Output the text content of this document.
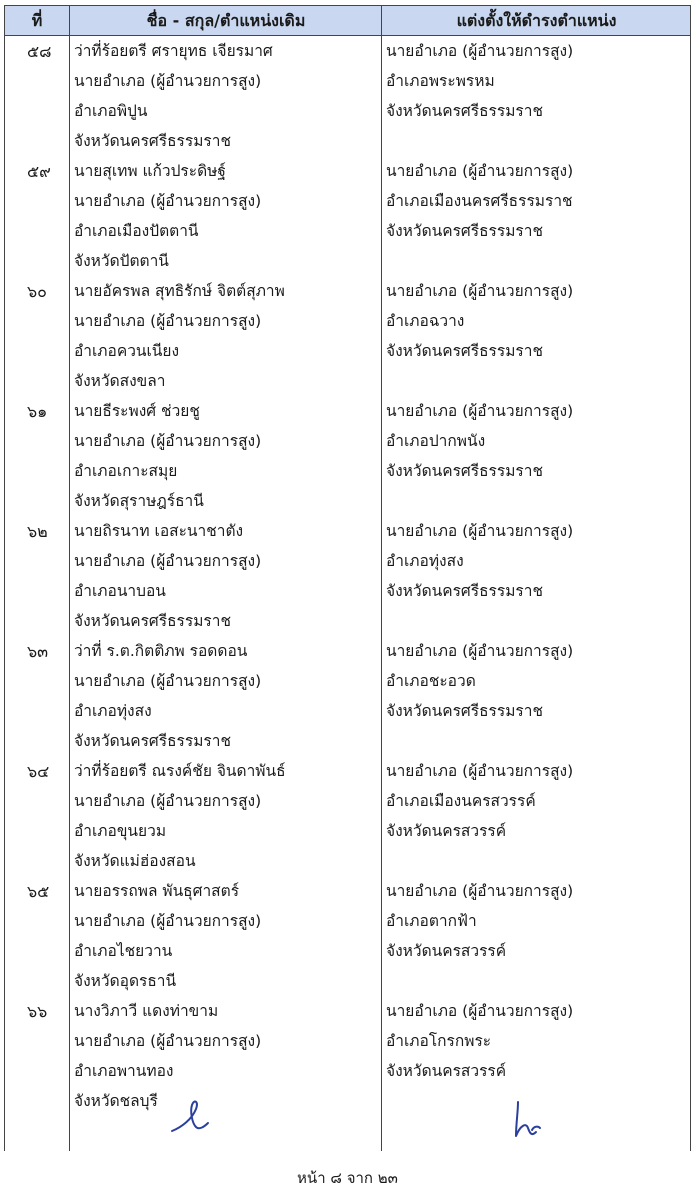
ที่	ชื่อ - สกุล/ตำแหน่งเดิม	แต่งตั้งให้ดำรงตำแหน่ง
๕๘ ว่าที่ร้อยตรี ศรายุทธ เจียรมาศ
นายอำเภอ (ผู้อำนวยการสูง)
อำเภอพิปูน
จังหวัดนครศรีธรรมราช
นายอำเภอ (ผู้อำนวยการสูง)
อำเภอพระพรหม
จังหวัดนครศรีธรรมราช
๕๙ นายสุเทพ แก้วประดิษฐ์
นายอำเภอ (ผู้อำนวยการสูง)
อำเภอเมืองปัตตานี
จังหวัดปัตตานี
นายอำเภอ (ผู้อำนวยการสูง)
อำเภอเมืองนครศรีธรรมราช
จังหวัดนครศรีธรรมราช
๖๐ นายอัครพล สุทธิรักษ์ จิตต์สุภาพ
นายอำเภอ (ผู้อำนวยการสูง)
อำเภอควนเนียง
จังหวัดสงขลา
นายอำเภอ (ผู้อำนวยการสูง)
อำเภอฉวาง
จังหวัดนครศรีธรรมราช
๖๑ นายธีระพงศ์ ช่วยชู
นายอำเภอ (ผู้อำนวยการสูง)
อำเภอเกาะสมุย
จังหวัดสุราษฎร์ธานี
นายอำเภอ (ผู้อำนวยการสูง)
อำเภอปากพนัง
จังหวัดนครศรีธรรมราช
๖๒ นายถิรนาท เอสะนาชาตัง
นายอำเภอ (ผู้อำนวยการสูง)
อำเภอนาบอน
จังหวัดนครศรีธรรมราช
นายอำเภอ (ผู้อำนวยการสูง)
อำเภอทุ่งสง
จังหวัดนครศรีธรรมราช
๖๓ ว่าที่ ร.ต.กิตติภพ รอดดอน
นายอำเภอ (ผู้อำนวยการสูง)
อำเภอทุ่งสง
จังหวัดนครศรีธรรมราช
นายอำเภอ (ผู้อำนวยการสูง)
อำเภอชะอวด
จังหวัดนครศรีธรรมราช
๖๔ ว่าที่ร้อยตรี ณรงค์ชัย จินดาพันธ์
นายอำเภอ (ผู้อำนวยการสูง)
อำเภอขุนยวม
จังหวัดแม่ฮ่องสอน
นายอำเภอ (ผู้อำนวยการสูง)
อำเภอเมืองนครสวรรค์
จังหวัดนครสวรรค์
๖๕ นายอรรถพล พันธุศาสตร์
นายอำเภอ (ผู้อำนวยการสูง)
อำเภอไชยวาน
จังหวัดอุดรธานี
นายอำเภอ (ผู้อำนวยการสูง)
อำเภอตากฟ้า
จังหวัดนครสวรรค์
๖๖ นางวิภาวี แดงท่าขาม
นายอำเภอ (ผู้อำนวยการสูง)
อำเภอพานทอง
จังหวัดชลบุรี
นายอำเภอ (ผู้อำนวยการสูง)
อำเภอโกรกพระ
จังหวัดนครสวรรค์
หน้า ๘ จาก ๒๓
